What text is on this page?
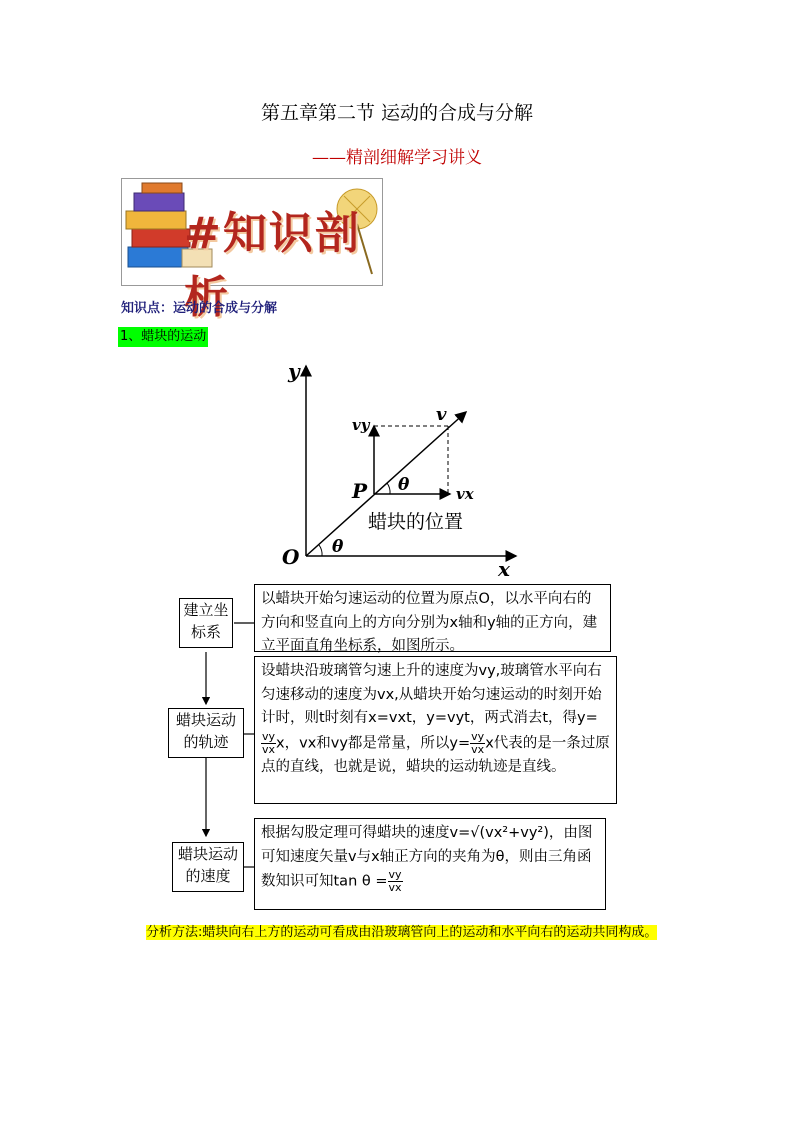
第五章第二节 运动的合成与分解
——精剖细解学习讲义
#知识剖析
知识点：运动的合成与分解
1、蜡块的运动
y
x
O
P
θ
θ
v
vy
vx
蜡块的位置
建立坐标系
以蜡块开始匀速运动的位置为原点O，以水平向右的方向和竖直向上的方向分别为x轴和y轴的正方向，建立平面直角坐标系，如图所示。
蜡块运动的轨迹
设蜡块沿玻璃管匀速上升的速度为vy,玻璃管水平向右匀速移动的速度为vx,从蜡块开始匀速运动的时刻开始计时，则t时刻有x=vxt，y=vyt，两式消去t，得y=
$\frac{vy}{vx}$ x，vx和vy都是常量，所以$y= \frac{vy}{vx}$ x代表的是一条过原点的直线，也就是说，蜡块的运动轨迹是直线。
蜡块运动的速度
根据勾股定理可得蜡块的速度v=√(vx²+vy²)，由图可知速度矢量v与x轴正方向的夹角为θ，则由三角函数知识可知$\tan \theta = \frac{vy}{vx}$
分析方法:蜡块向右上方的运动可看成由沿玻璃管向上的运动和水平向右的运动共同构成。
